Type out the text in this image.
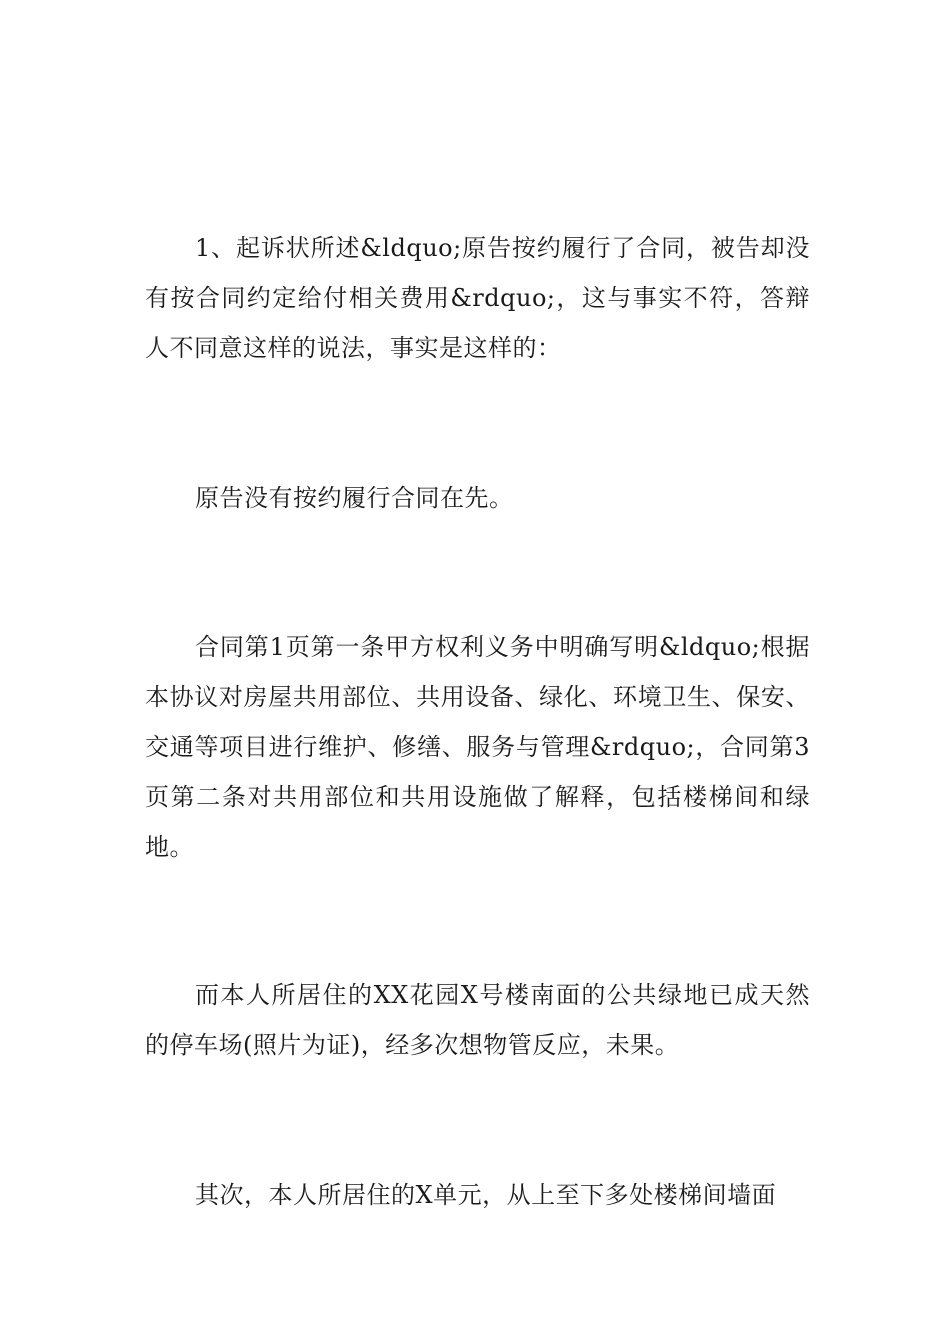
1、起诉状所述&ldquo;原告按约履行了合同，被告却没有按合同约定给付相关费用&rdquo;，这与事实不符，答辩人不同意这样的说法，事实是这样的：

原告没有按约履行合同在先。

合同第1页第一条甲方权利义务中明确写明&ldquo;根据本协议对房屋共用部位、共用设备、绿化、环境卫生、保安、交通等项目进行维护、修缮、服务与管理&rdquo;，合同第3页第二条对共用部位和共用设施做了解释，包括楼梯间和绿地。

而本人所居住的XX花园X号楼南面的公共绿地已成天然的停车场(照片为证)，经多次想物管反应，未果。

其次，本人所居住的X单元，从上至下多处楼梯间墙面
